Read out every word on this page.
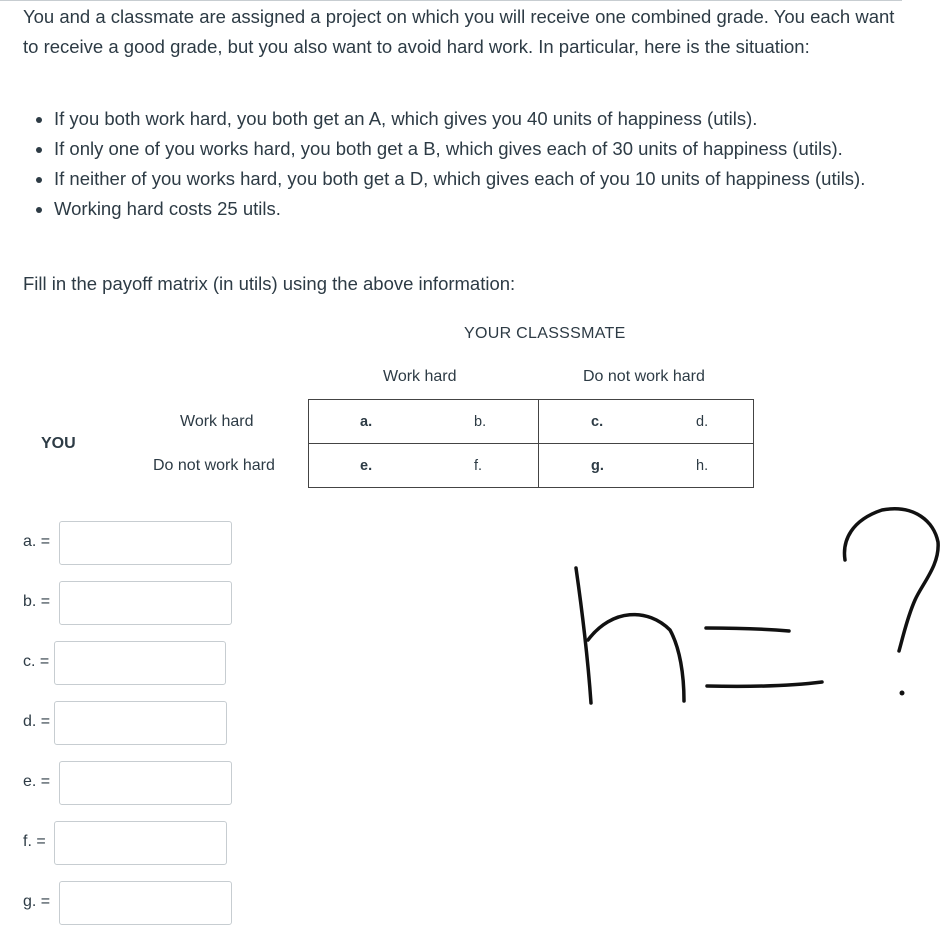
You and a classmate are assigned a project on which you will receive one combined grade. You each want to receive a good grade, but you also want to avoid hard work. In particular, here is the situation:

• If you both work hard, you both get an A, which gives you 40 units of happiness (utils).
• If only one of you works hard, you both get a B, which gives each of 30 units of happiness (utils).
• If neither of you works hard, you both get a D, which gives each of you 10 units of happiness (utils).
• Working hard costs 25 utils.

Fill in the payoff matrix (in utils) using the above information:

YOUR CLASSSMATE
Work hard	Do not work hard
Work hard
Do not work hard
YOU
a.	b.	c.	d.
e.	f.	g.	h.
a. =
b. =
c. =
d. =
e. =
f. =
g. =
